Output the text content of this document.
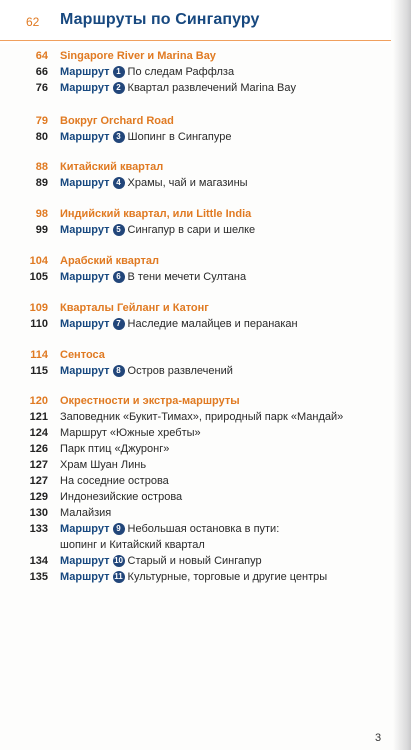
62 Маршруты по Сингапуру
64 Singapore River и Marina Bay
66 Маршрут 1 По следам Раффлза
76 Маршрут 2 Квартал развлечений Marina Bay
79 Вокруг Orchard Road
80 Маршрут 3 Шопинг в Сингапуре
88 Китайский квартал
89 Маршрут 4 Храмы, чай и магазины
98 Индийский квартал, или Little India
99 Маршрут 5 Сингапур в сари и шелке
104 Арабский квартал
105 Маршрут 6 В тени мечети Султана
109 Кварталы Гейланг и Катонг
110 Маршрут 7 Наследие малайцев и перанакан
114 Сентоса
115 Маршрут 8 Остров развлечений
120 Окрестности и экстра-маршруты
121 Заповедник «Букит-Тимах», природный парк «Мандай»
124 Маршрут «Южные хребты»
126 Парк птиц «Джуронг»
127 Храм Шуан Линь
127 На соседние острова
129 Индонезийские острова
130 Малайзия
133 Маршрут 9 Небольшая остановка в пути:
шопинг и Китайский квартал
134 Маршрут 10 Старый и новый Сингапур
135 Маршрут 11 Культурные, торговые и другие центры
3
